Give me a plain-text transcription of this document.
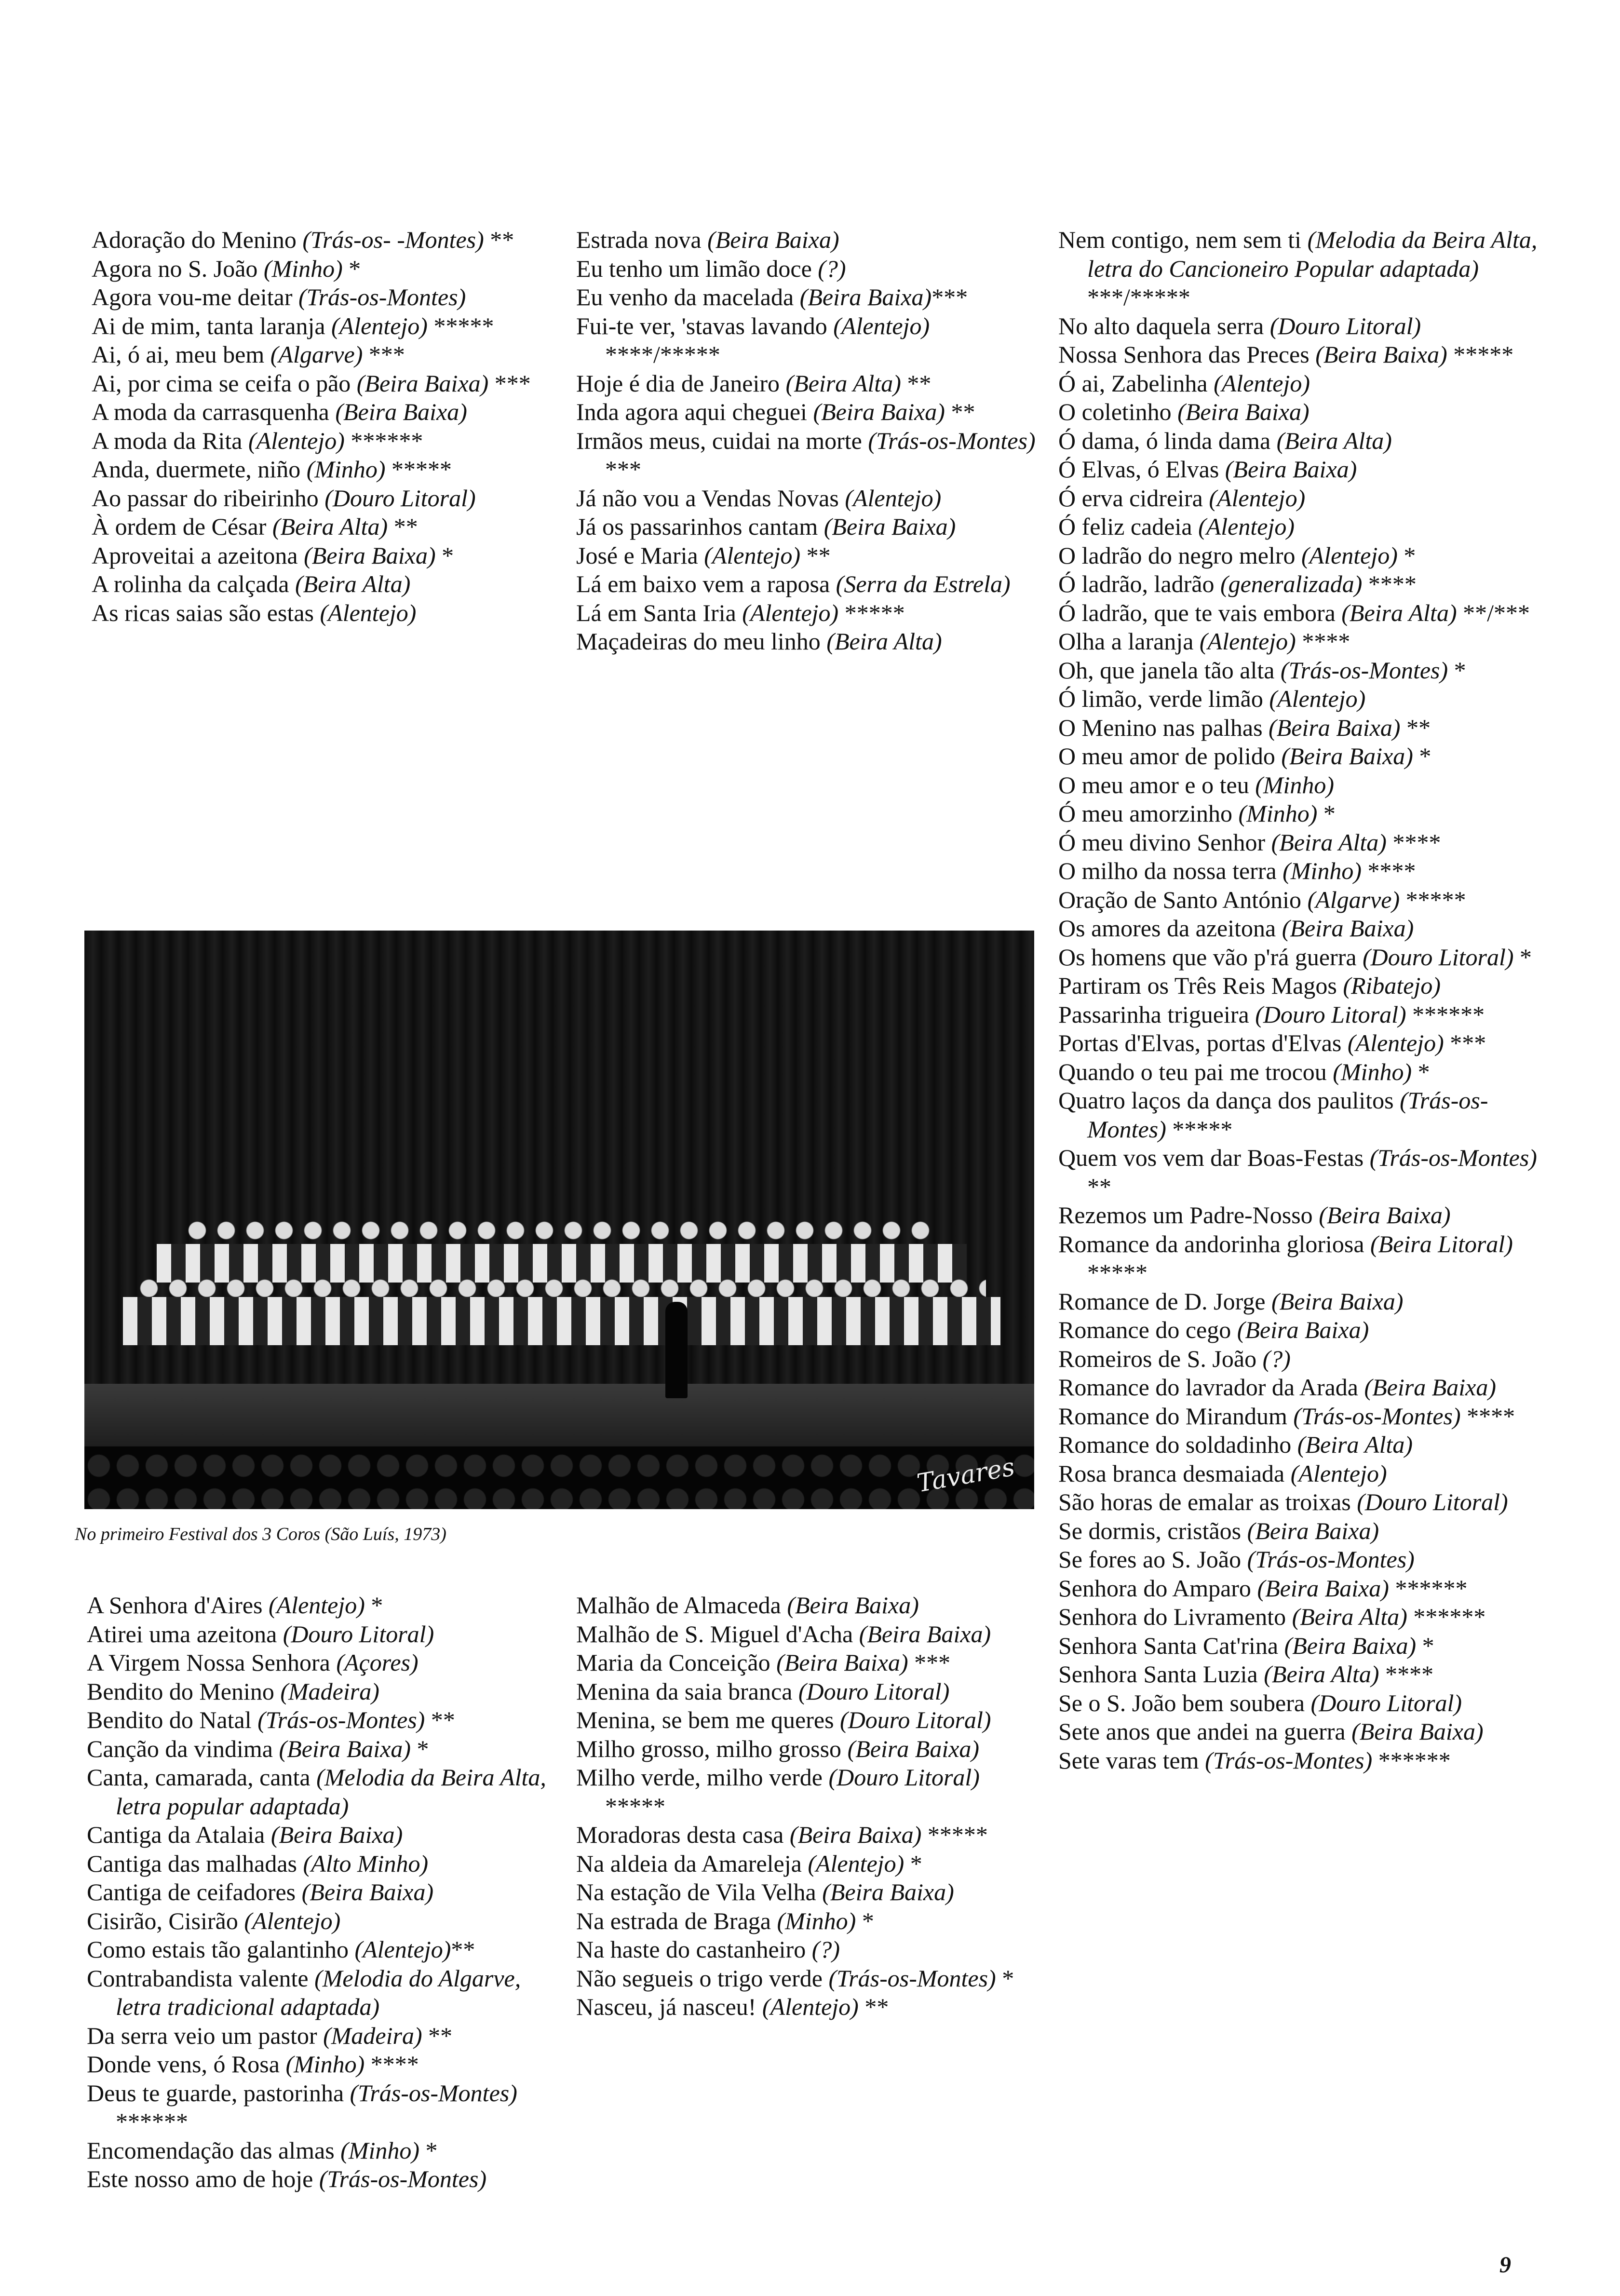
Adoração do Menino (Trás-os- -Montes) **
Agora no S. João (Minho) *
Agora vou-me deitar (Trás-os-Montes)
Ai de mim, tanta laranja (Alentejo) *****
Ai, ó ai, meu bem (Algarve) ***
Ai, por cima se ceifa o pão (Beira Baixa) ***
A moda da carrasquenha (Beira Baixa)
A moda da Rita (Alentejo) ******
Anda, duermete, niño (Minho) *****
Ao passar do ribeirinho (Douro Litoral)
À ordem de César (Beira Alta) **
Aproveitai a azeitona (Beira Baixa) *
A rolinha da calçada (Beira Alta)
As ricas saias são estas (Alentejo)
Estrada nova (Beira Baixa)
Eu tenho um limão doce (?)
Eu venho da macelada (Beira Baixa)***
Fui-te ver, 'stavas lavando (Alentejo) ****/*****
Hoje é dia de Janeiro (Beira Alta) **
Inda agora aqui cheguei (Beira Baixa) **
Irmãos meus, cuidai na morte (Trás-os-Montes) ***
Já não vou a Vendas Novas (Alentejo)
Já os passarinhos cantam (Beira Baixa)
José e Maria (Alentejo) **
Lá em baixo vem a raposa (Serra da Estrela)
Lá em Santa Iria (Alentejo) *****
Maçadeiras do meu linho (Beira Alta)
Nem contigo, nem sem ti (Melodia da Beira Alta, letra do Cancioneiro Popular adaptada) ***/*****
No alto daquela serra (Douro Litoral)
Nossa Senhora das Preces (Beira Baixa) *****
Ó ai, Zabelinha (Alentejo)
O coletinho (Beira Baixa)
Ó dama, ó linda dama (Beira Alta)
Ó Elvas, ó Elvas (Beira Baixa)
Ó erva cidreira (Alentejo)
Ó feliz cadeia (Alentejo)
O ladrão do negro melro (Alentejo) *
Ó ladrão, ladrão (generalizada) ****
Ó ladrão, que te vais embora (Beira Alta) **/***
Olha a laranja (Alentejo) ****
Oh, que janela tão alta (Trás-os-Montes) *
Ó limão, verde limão (Alentejo)
O Menino nas palhas (Beira Baixa) **
O meu amor de polido (Beira Baixa) *
O meu amor e o teu (Minho)
Ó meu amorzinho (Minho) *
Ó meu divino Senhor (Beira Alta) ****
O milho da nossa terra (Minho) ****
Oração de Santo António (Algarve) *****
Os amores da azeitona (Beira Baixa)
Os homens que vão p'rá guerra (Douro Litoral) *
Partiram os Três Reis Magos (Ribatejo)
Passarinha trigueira (Douro Litoral) ******
Portas d'Elvas, portas d'Elvas (Alentejo) ***
Quando o teu pai me trocou (Minho) *
Quatro laços da dança dos paulitos (Trás-os-Montes) *****
Quem vos vem dar Boas-Festas (Trás-os-Montes) **
Rezemos um Padre-Nosso (Beira Baixa)
Romance da andorinha gloriosa (Beira Litoral) *****
Romance de D. Jorge (Beira Baixa)
Romance do cego (Beira Baixa)
Romeiros de S. João (?)
Romance do lavrador da Arada (Beira Baixa)
Romance do Mirandum (Trás-os-Montes) ****
Romance do soldadinho (Beira Alta)
Rosa branca desmaiada (Alentejo)
São horas de emalar as troixas (Douro Litoral)
Se dormis, cristãos (Beira Baixa)
Se fores ao S. João (Trás-os-Montes)
Senhora do Amparo (Beira Baixa) ******
Senhora do Livramento (Beira Alta) ******
Senhora Santa Cat'rina (Beira Baixa) *
Senhora Santa Luzia (Beira Alta) ****
Se o S. João bem soubera (Douro Litoral)
Sete anos que andei na guerra (Beira Baixa)
Sete varas tem (Trás-os-Montes) ******
Tavares
No primeiro Festival dos 3 Coros (São Luís, 1973)
A Senhora d'Aires (Alentejo) *
Atirei uma azeitona (Douro Litoral)
A Virgem Nossa Senhora (Açores)
Bendito do Menino (Madeira)
Bendito do Natal (Trás-os-Montes) **
Canção da vindima (Beira Baixa) *
Canta, camarada, canta (Melodia da Beira Alta, letra popular adaptada)
Cantiga da Atalaia (Beira Baixa)
Cantiga das malhadas (Alto Minho)
Cantiga de ceifadores (Beira Baixa)
Cisirão, Cisirão (Alentejo)
Como estais tão galantinho (Alentejo)**
Contrabandista valente (Melodia do Algarve, letra tradicional adaptada)
Da serra veio um pastor (Madeira) **
Donde vens, ó Rosa (Minho) ****
Deus te guarde, pastorinha (Trás-os-Montes) ******
Encomendação das almas (Minho) *
Este nosso amo de hoje (Trás-os-Montes)
Malhão de Almaceda (Beira Baixa)
Malhão de S. Miguel d'Acha (Beira Baixa)
Maria da Conceição (Beira Baixa) ***
Menina da saia branca (Douro Litoral)
Menina, se bem me queres (Douro Litoral)
Milho grosso, milho grosso (Beira Baixa)
Milho verde, milho verde (Douro Litoral) *****
Moradoras desta casa (Beira Baixa) *****
Na aldeia da Amareleja (Alentejo) *
Na estação de Vila Velha (Beira Baixa)
Na estrada de Braga (Minho) *
Na haste do castanheiro (?)
Não segueis o trigo verde (Trás-os-Montes) *
Nasceu, já nasceu! (Alentejo) **
9
